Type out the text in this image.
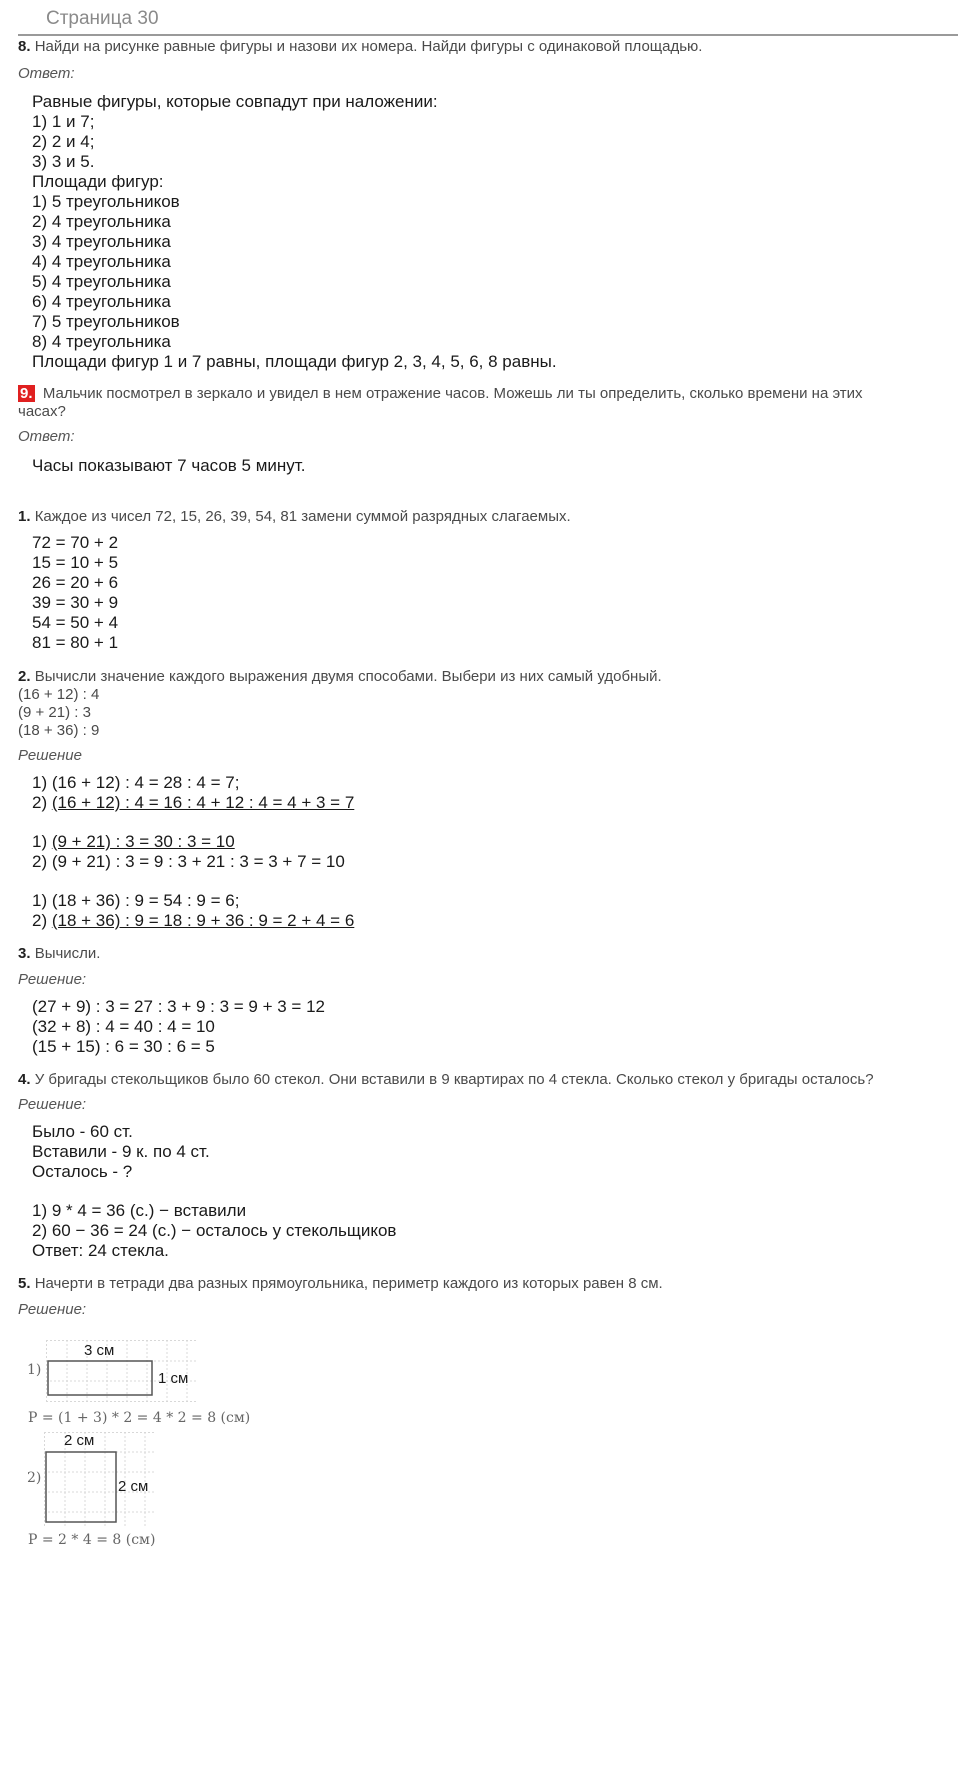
Страница 30
8. Найди на рисунке равные фигуры и назови их номера. Найди фигуры с одинаковой площадью.
Ответ:
Равные фигуры, которые совпадут при наложении:
1) 1 и 7;
2) 2 и 4;
3) 3 и 5.
Площади фигур:
1) 5 треугольников
2) 4 треугольника
3) 4 треугольника
4) 4 треугольника
5) 4 треугольника
6) 4 треугольника
7) 5 треугольников
8) 4 треугольника
Площади фигур 1 и 7 равны, площади фигур 2, 3, 4, 5, 6, 8 равны.
9. Мальчик посмотрел в зеркало и увидел в нем отражение часов. Можешь ли ты определить, сколько времени на этих
часах?
Ответ:
Часы показывают 7 часов 5 минут.
1. Каждое из чисел 72, 15, 26, 39, 54, 81 замени суммой разрядных слагаемых.
72 = 70 + 2
15 = 10 + 5
26 = 20 + 6
39 = 30 + 9
54 = 50 + 4
81 = 80 + 1
2. Вычисли значение каждого выражения двумя способами. Выбери из них самый удобный.
(16 + 12) : 4
(9 + 21) : 3
(18 + 36) : 9
Решение
1) (16 + 12) : 4 = 28 : 4 = 7;
2) (16 + 12) : 4 = 16 : 4 + 12 : 4 = 4 + 3 = 7
1) (9 + 21) : 3 = 30 : 3 = 10
2) (9 + 21) : 3 = 9 : 3 + 21 : 3 = 3 + 7 = 10
1) (18 + 36) : 9 = 54 : 9 = 6;
2) (18 + 36) : 9 = 18 : 9 + 36 : 9 = 2 + 4 = 6
3. Вычисли.
Решение:
(27 + 9) : 3 = 27 : 3 + 9 : 3 = 9 + 3 = 12
(32 + 8) : 4 = 40 : 4 = 10
(15 + 15) : 6 = 30 : 6 = 5
4. У бригады стекольщиков было 60 стекол. Они вставили в 9 квартирах по 4 стекла. Сколько стекол у бригады осталось?
Решение:
Было - 60 ст.
Вставили - 9 к. по 4 ст.
Осталось - ?
1) 9 * 4 = 36 (с.) − вставили
2) 60 − 36 = 24 (с.) − осталось у стекольщиков
Ответ: 24 стекла.
5. Начерти в тетради два разных прямоугольника, периметр каждого из которых равен 8 см.
Решение:
1)
3 см
1 см
P = (1 + 3) * 2 = 4 * 2 = 8 (см)
2)
2 см
2 см
P = 2 * 4 = 8 (см)
